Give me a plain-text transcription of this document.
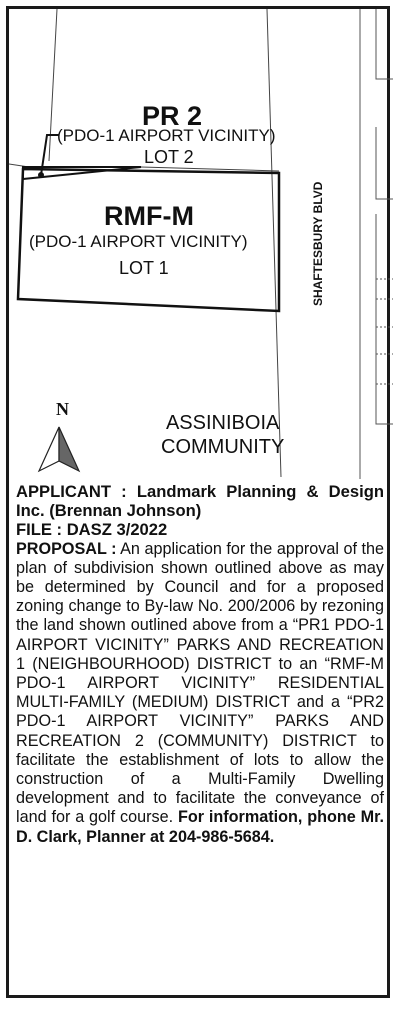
PR 2
(PDO-1 AIRPORT VICINITY)
LOT 2
RMF-M
(PDO-1 AIRPORT VICINITY)
LOT 1	SHAFTESBURY BLVD
N
ASSINIBOIA
COMMUNITY

APPLICANT : Landmark Planning & Design Inc. (Brennan Johnson)

FILE : DASZ 3/2022

PROPOSAL : An application for the approval of the plan of subdivision shown outlined above as may be determined by Council and for a proposed zoning change to By-law No. 200/2006 by rezoning the land shown outlined above from a “PR1 PDO-1 AIRPORT VICINITY” PARKS AND RECREATION 1 (NEIGHBOURHOOD) DISTRICT to an “RMF-M PDO-1 AIRPORT VICINITY” RESIDENTIAL MULTI-FAMILY (MEDIUM) DISTRICT and a “PR2 PDO-1 AIRPORT VICINITY” PARKS AND RECREATION 2 (COMMUNITY) DISTRICT to facilitate the establishment of lots to allow the construction of a Multi-Family Dwelling development and to facilitate the conveyance of land for a golf course. For information, phone Mr. D. Clark, Planner at 204-986-5684.
